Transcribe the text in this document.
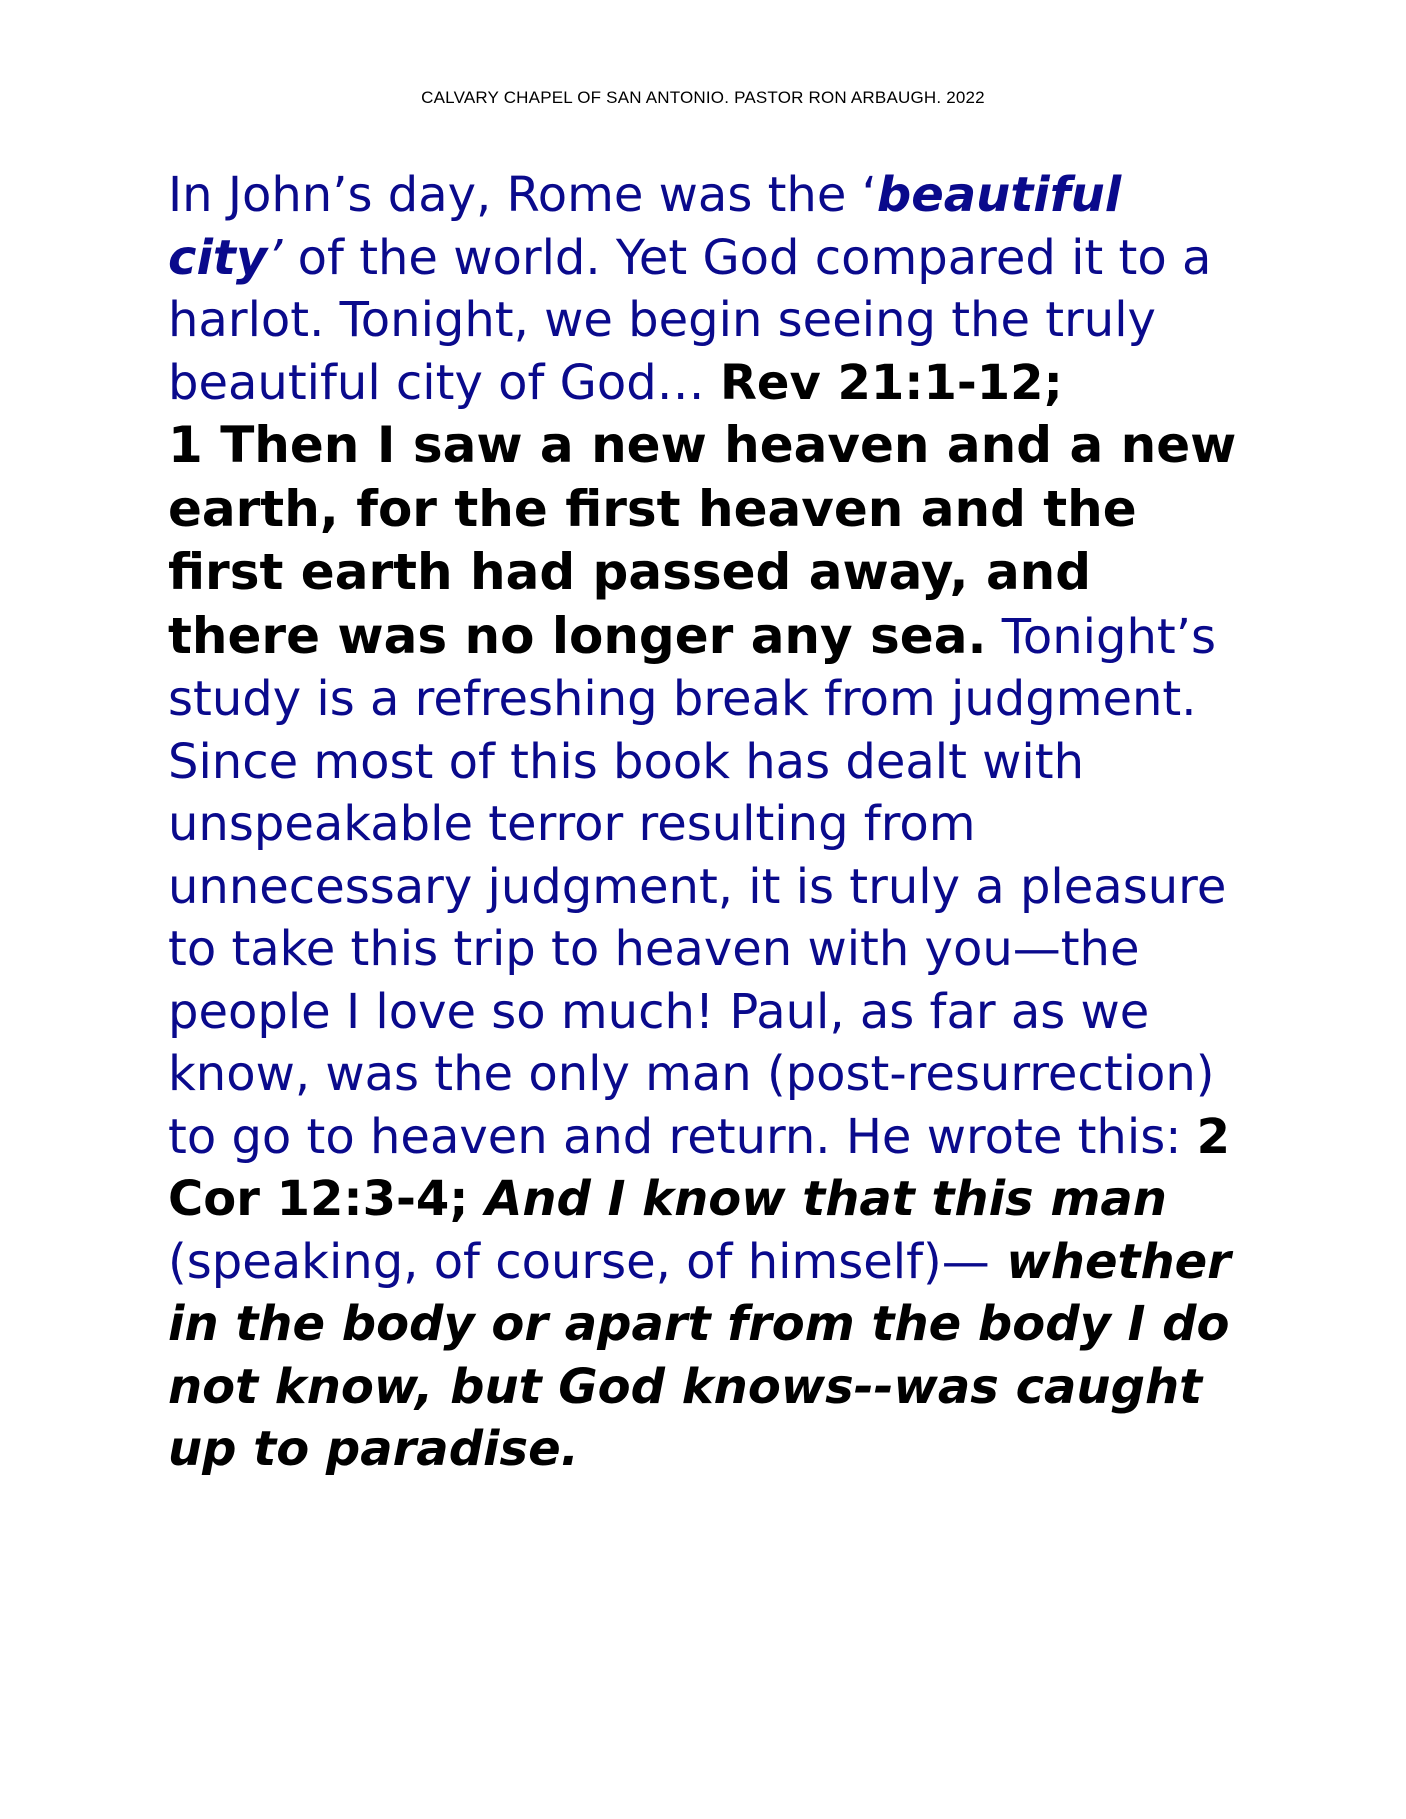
CALVARY CHAPEL OF SAN ANTONIO. PASTOR RON ARBAUGH. 2022

In John’s day, Rome was the ‘beautiful city’ of the world. Yet God compared it to a harlot. Tonight, we begin seeing the truly beautiful city of God… Rev 21:1-12;

1 Then I saw a new heaven and a new earth, for the first heaven and the first earth had passed away, and there was no longer any sea. Tonight’s study is a refreshing break from judgment. Since most of this book has dealt with unspeakable terror resulting from unnecessary judgment, it is truly a pleasure to take this trip to heaven with you—the people I love so much! Paul, as far as we know, was the only man (post-resurrection) to go to heaven and return. He wrote this: 2 Cor 12:3-4; And I know that this man (speaking, of course, of himself)— whether in the body or apart from the body I do not know, but God knows--was caught up to paradise.
